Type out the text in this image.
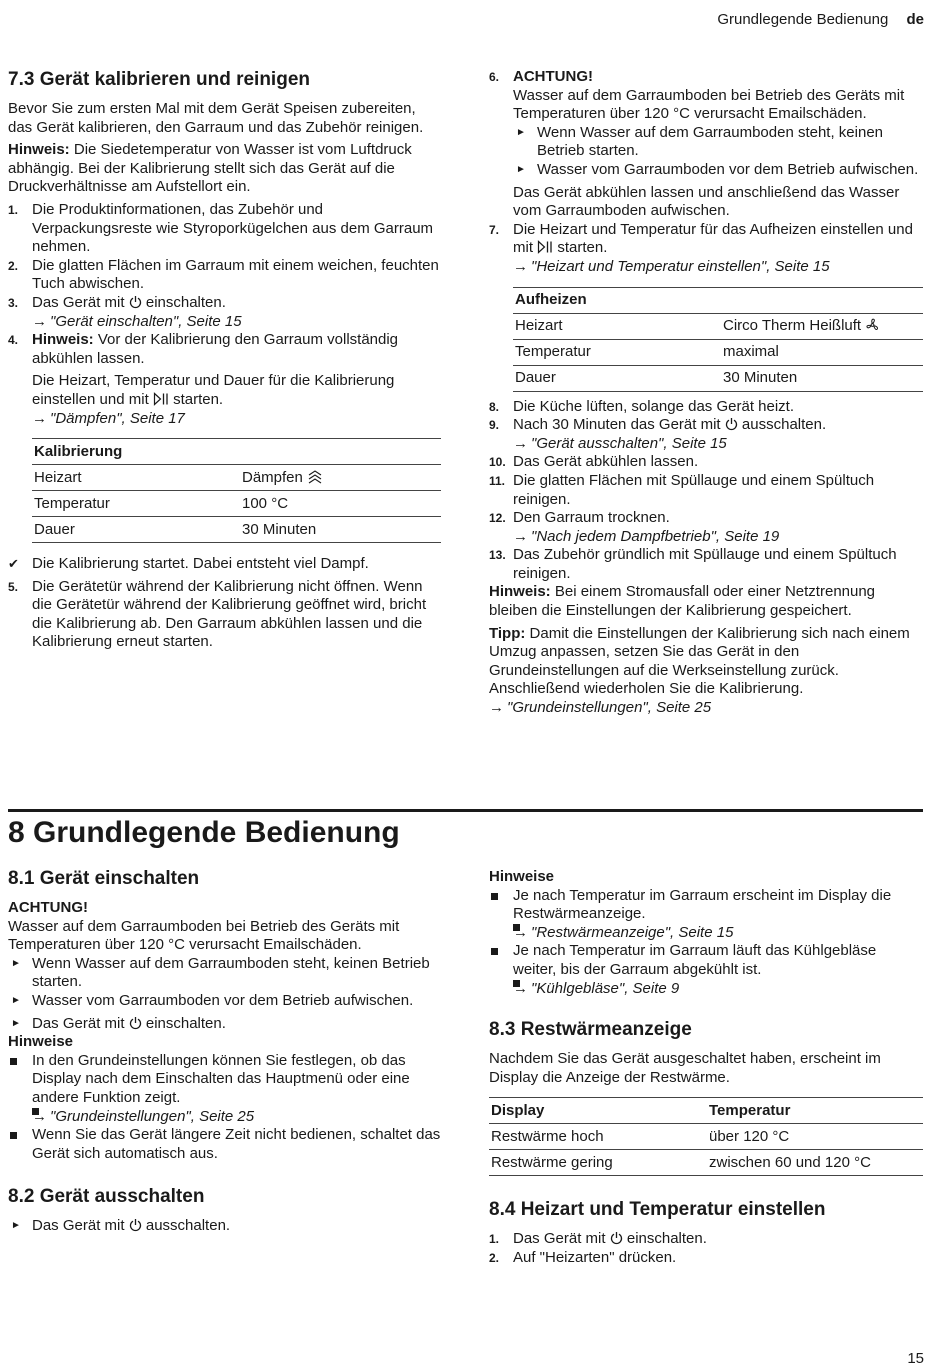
Grundlegende Bedienung de
7.3 Gerät kalibrieren und reinigen

Bevor Sie zum ersten Mal mit dem Gerät Speisen zubereiten, das Gerät kalibrieren, den Garraum und das Zubehör reinigen.

Hinweis: Die Siedetemperatur von Wasser ist vom Luftdruck abhängig. Bei der Kalibrierung stellt sich das Gerät auf die Druckverhältnisse am Aufstellort ein.

1. Die Produktinformationen, das Zubehör und Verpackungsreste wie Styroporkügelchen aus dem Garraum nehmen.
2. Die glatten Flächen im Garraum mit einem weichen, feuchten Tuch abwischen.
3. Das Gerät mit  einschalten.
→ "Gerät einschalten", Seite 15
4. Hinweis: Vor der Kalibrierung den Garraum vollständig abkühlen lassen.
Die Heizart, Temperatur und Dauer für die Kalibrierung einstellen und mit  starten.
→ "Dämpfen", Seite 17
Kalibrierung	
Heizart	Dämpfen
Temperatur	100 °C
Dauer	30 Minuten
✔ Die Kalibrierung startet. Dabei entsteht viel Dampf.
5. Die Gerätetür während der Kalibrierung nicht öffnen. Wenn die Gerätetür während der Kalibrierung geöffnet wird, bricht die Kalibrierung ab. Den Garraum abkühlen lassen und die Kalibrierung erneut starten.
6. ACHTUNG!

Wasser auf dem Garraumboden bei Betrieb des Geräts mit Temperaturen über 120 °C verursacht Emailschäden.

► Wenn Wasser auf dem Garraumboden steht, keinen Betrieb starten.
► Wasser vom Garraumboden vor dem Betrieb aufwischen.

Das Gerät abkühlen lassen und anschließend das Wasser vom Garraumboden aufwischen.

7. Die Heizart und Temperatur für das Aufheizen einstellen und mit  starten.
→ "Heizart und Temperatur einstellen", Seite 15
Aufheizen	
Heizart	Circo Therm Heißluft
Temperatur	maximal
Dauer	30 Minuten
8. Die Küche lüften, solange das Gerät heizt.
9. Nach 30 Minuten das Gerät mit  ausschalten.
→ "Gerät ausschalten", Seite 15
10. Das Gerät abkühlen lassen.
11. Die glatten Flächen mit Spüllauge und einem Spültuch reinigen.
12. Den Garraum trocknen.
→ "Nach jedem Dampfbetrieb", Seite 19
13. Das Zubehör gründlich mit Spüllauge und einem Spültuch reinigen.

Hinweis: Bei einem Stromausfall oder einer Netztrennung bleiben die Einstellungen der Kalibrierung gespeichert.

Tipp: Damit die Einstellungen der Kalibrierung sich nach einem Umzug anpassen, setzen Sie das Gerät in den Grundeinstellungen auf die Werkseinstellung zurück. Anschließend wiederholen Sie die Kalibrierung.

→ "Grundeinstellungen", Seite 25
8 Grundlegende Bedienung
8.1 Gerät einschalten

ACHTUNG!

Wasser auf dem Garraumboden bei Betrieb des Geräts mit Temperaturen über 120 °C verursacht Emailschäden.

► Wenn Wasser auf dem Garraumboden steht, keinen Betrieb starten.
► Wasser vom Garraumboden vor dem Betrieb aufwischen.
► Das Gerät mit  einschalten.

Hinweise

In den Grundeinstellungen können Sie festlegen, ob das Display nach dem Einschalten das Hauptmenü oder eine andere Funktion zeigt.
→ "Grundeinstellungen", Seite 25
Wenn Sie das Gerät längere Zeit nicht bedienen, schaltet das Gerät sich automatisch aus.
8.2 Gerät ausschalten
► Das Gerät mit  ausschalten.

Hinweise

Je nach Temperatur im Garraum erscheint im Display die Restwärmeanzeige.
→ "Restwärmeanzeige", Seite 15
Je nach Temperatur im Garraum läuft das Kühlgebläse weiter, bis der Garraum abgekühlt ist.
→ "Kühlgebläse", Seite 9
8.3 Restwärmeanzeige

Nachdem Sie das Gerät ausgeschaltet haben, erscheint im Display die Anzeige der Restwärme.

Display	Temperatur
Restwärme hoch	über 120 °C
Restwärme gering	zwischen 60 und 120 °C
8.4 Heizart und Temperatur einstellen
1. Das Gerät mit  einschalten.
2. Auf "Heizarten" drücken.
15
